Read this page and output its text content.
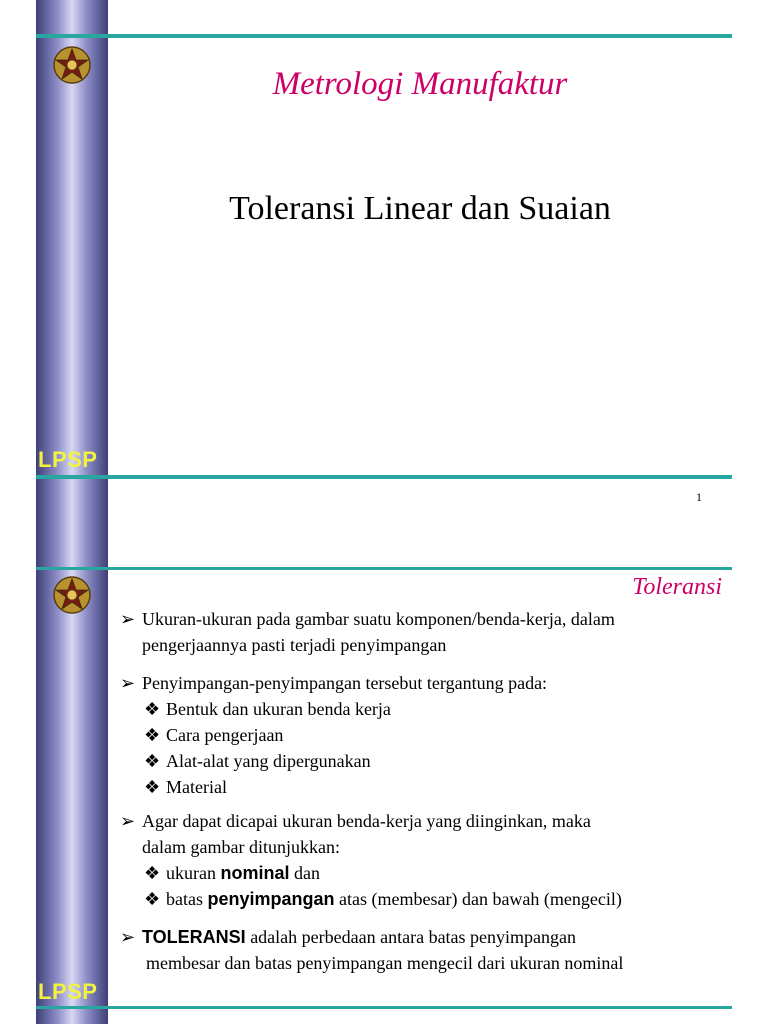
Metrologi Manufaktur
Toleransi Linear dan Suaian
LPSP
1
LPSP
Toleransi
➢ Ukuran-ukuran pada gambar suatu komponen/benda-kerja, dalam
pengerjaannya pasti terjadi penyimpangan
➢ Penyimpangan-penyimpangan tersebut tergantung pada:
❖ Bentuk dan ukuran benda kerja
❖ Cara pengerjaan
❖ Alat-alat yang dipergunakan
❖ Material
➢ Agar dapat dicapai ukuran benda-kerja yang diinginkan, maka
dalam gambar ditunjukkan:
❖ ukuran nominal dan
❖ batas penyimpangan atas (membesar) dan bawah (mengecil)
➢ TOLERANSI adalah perbedaan antara batas penyimpangan
membesar dan batas penyimpangan mengecil dari ukuran nominal
